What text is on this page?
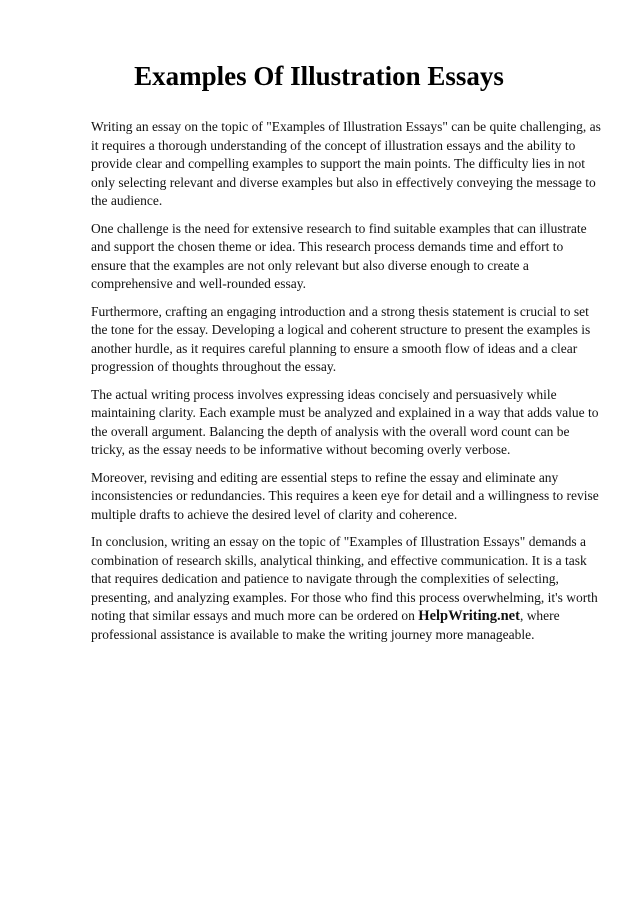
Examples Of Illustration Essays

Writing an essay on the topic of "Examples of Illustration Essays" can be quite challenging, as it requires a thorough understanding of the concept of illustration essays and the ability to provide clear and compelling examples to support the main points. The difficulty lies in not only selecting relevant and diverse examples but also in effectively conveying the message to the audience.

One challenge is the need for extensive research to find suitable examples that can illustrate and support the chosen theme or idea. This research process demands time and effort to ensure that the examples are not only relevant but also diverse enough to create a comprehensive and well-rounded essay.

Furthermore, crafting an engaging introduction and a strong thesis statement is crucial to set the tone for the essay. Developing a logical and coherent structure to present the examples is another hurdle, as it requires careful planning to ensure a smooth flow of ideas and a clear progression of thoughts throughout the essay.

The actual writing process involves expressing ideas concisely and persuasively while maintaining clarity. Each example must be analyzed and explained in a way that adds value to the overall argument. Balancing the depth of analysis with the overall word count can be tricky, as the essay needs to be informative without becoming overly verbose.

Moreover, revising and editing are essential steps to refine the essay and eliminate any inconsistencies or redundancies. This requires a keen eye for detail and a willingness to revise multiple drafts to achieve the desired level of clarity and coherence.

In conclusion, writing an essay on the topic of "Examples of Illustration Essays" demands a combination of research skills, analytical thinking, and effective communication. It is a task that requires dedication and patience to navigate through the complexities of selecting, presenting, and analyzing examples. For those who find this process overwhelming, it's worth noting that similar essays and much more can be ordered on HelpWriting.net, where professional assistance is available to make the writing journey more manageable.
